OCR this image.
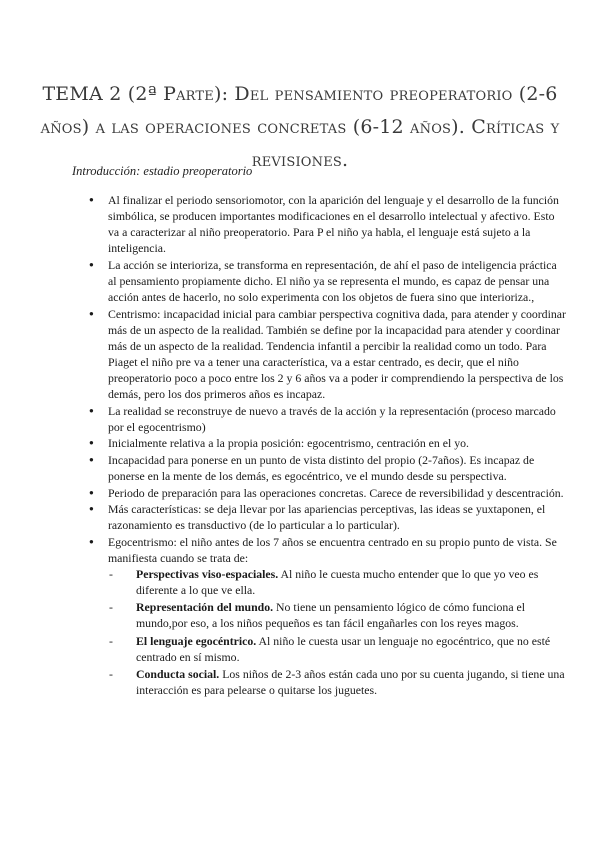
TEMA 2 (2ª Parte): Del pensamiento preoperatorio (2-6 años) a las operaciones concretas (6-12 años). Críticas y revisiones.

Introducción: estadio preoperatorio

● Al finalizar el periodo sensoriomotor, con la aparición del lenguaje y el desarrollo de la función simbólica, se producen importantes modificaciones en el desarrollo intelectual y afectivo. Esto va a caracterizar al niño preoperatorio. Para P el niño ya habla, el lenguaje está sujeto a la inteligencia.
● La acción se interioriza, se transforma en representación, de ahí el paso de inteligencia práctica al pensamiento propiamente dicho. El niño ya se representa el mundo, es capaz de pensar una acción antes de hacerlo, no solo experimenta con los objetos de fuera sino que interioriza.,
● Centrismo: incapacidad inicial para cambiar perspectiva cognitiva dada, para atender y coordinar más de un aspecto de la realidad. También se define por la incapacidad para atender y coordinar más de un aspecto de la realidad. Tendencia infantil a percibir la realidad como un todo. Para Piaget el niño pre va a tener una característica, va a estar centrado, es decir, que el niño preoperatorio poco a poco entre los 2 y 6 años va a poder ir comprendiendo la perspectiva de los demás, pero los dos primeros años es incapaz.
● La realidad se reconstruye de nuevo a través de la acción y la representación (proceso marcado por el egocentrismo)
● Inicialmente relativa a la propia posición: egocentrismo, centración en el yo.
● Incapacidad para ponerse en un punto de vista distinto del propio (2-7años). Es incapaz de ponerse en la mente de los demás, es egocéntrico, ve el mundo desde su perspectiva.
● Periodo de preparación para las operaciones concretas. Carece de reversibilidad y descentración.
● Más características: se deja llevar por las apariencias perceptivas, las ideas se yuxtaponen, el razonamiento es transductivo (de lo particular a lo particular).
● Egocentrismo: el niño antes de los 7 años se encuentra centrado en su propio punto de vista. Se manifiesta cuando se trata de:
- Perspectivas viso-espaciales. Al niño le cuesta mucho entender que lo que yo veo es diferente a lo que ve ella.
- Representación del mundo. No tiene un pensamiento lógico de cómo funciona el mundo,por eso, a los niños pequeños es tan fácil engañarles con los reyes magos.
- El lenguaje egocéntrico. Al niño le cuesta usar un lenguaje no egocéntrico, que no esté centrado en sí mismo.
- Conducta social. Los niños de 2-3 años están cada uno por su cuenta jugando, si tiene una interacción es para pelearse o quitarse los juguetes.
